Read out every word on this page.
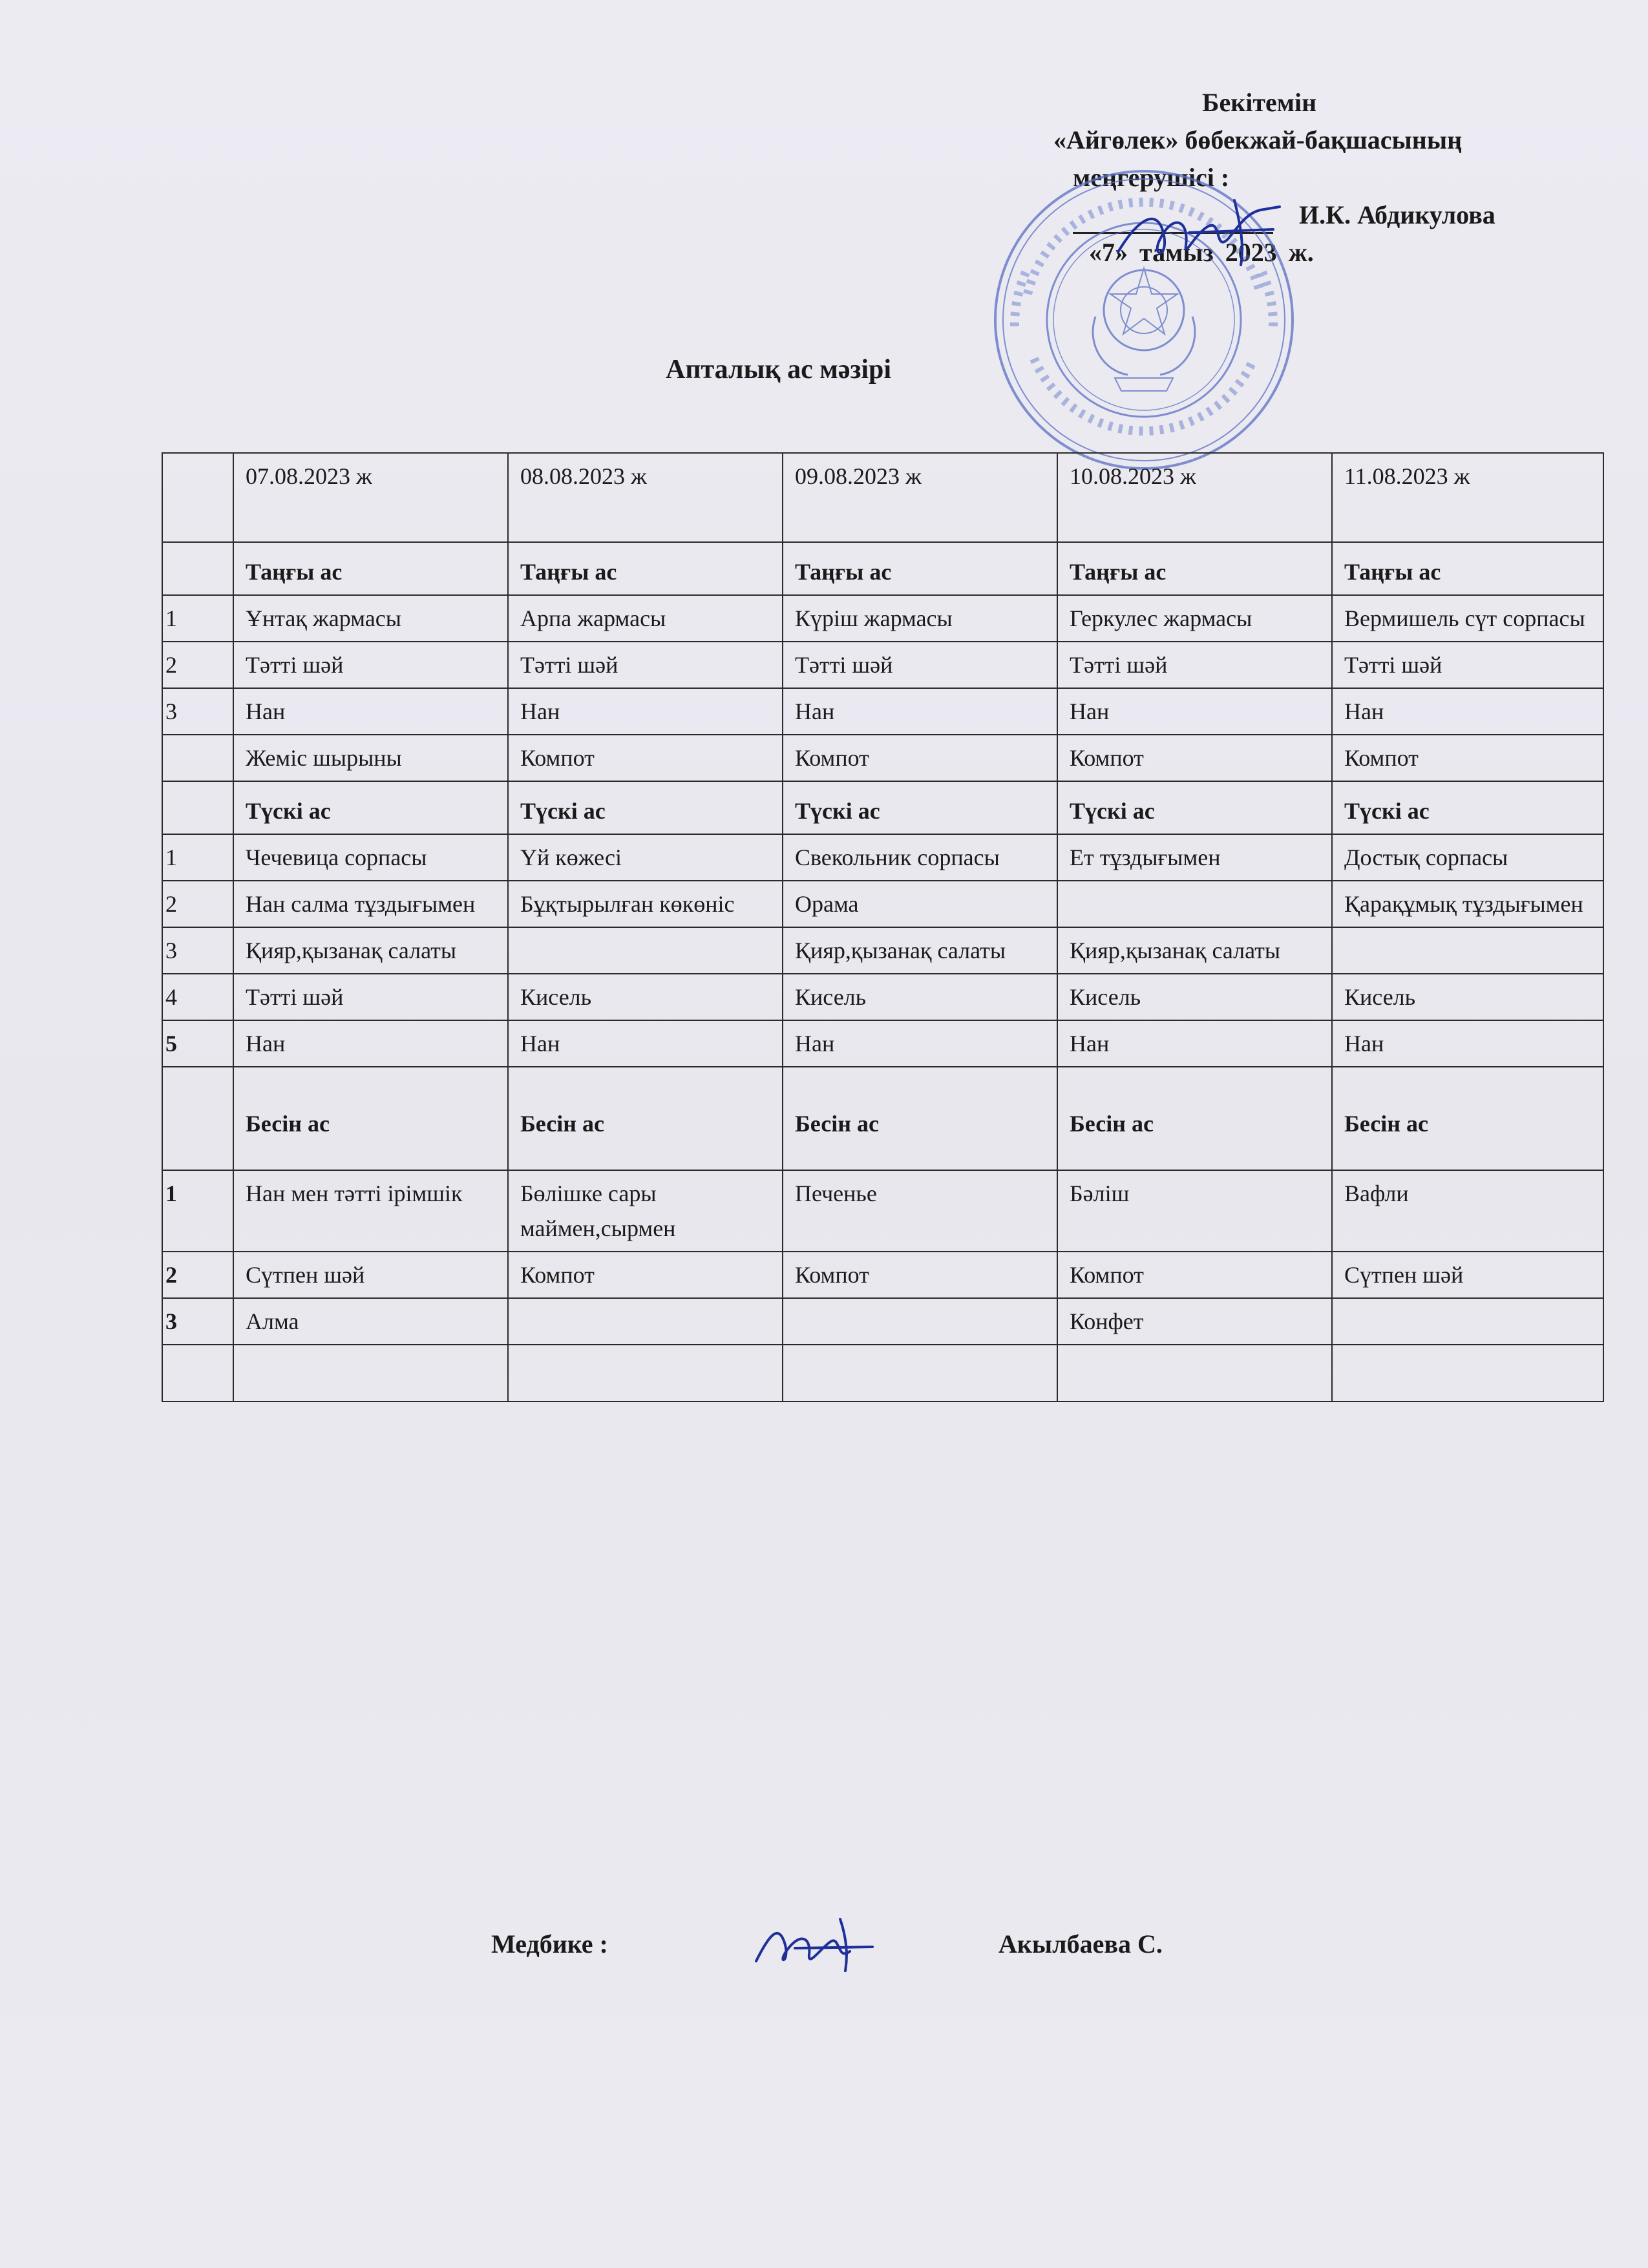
Бекітемін
«Айгөлек» бөбекжай-бақшасының
меңгерушісі :
И.К. Абдикулова
«7» тамыз 2023 ж.
Апталық ас мәзірі
	07.08.2023 ж	08.08.2023 ж	09.08.2023 ж	10.08.2023 ж	11.08.2023 ж
	Таңғы ас	Таңғы ас	Таңғы ас	Таңғы ас	Таңғы ас
1	Ұнтақ жармасы	Арпа жармасы	Күріш жармасы	Геркулес жармасы	Вермишель сүт сорпасы
2	Тәтті шәй	Тәтті шәй	Тәтті шәй	Тәтті шәй	Тәтті шәй
3	Нан	Нан	Нан	Нан	Нан
	Жеміс шырыны	Компот	Компот	Компот	Компот
	Түскі ас	Түскі ас	Түскі ас	Түскі ас	Түскі ас
1	Чечевица сорпасы	Үй көжесі	Свекольник сорпасы	Ет тұздығымен	Достық сорпасы
2	Нан салма тұздығымен	Бұқтырылған көкөніс	Орама		Қарақұмық тұздығымен
3	Қияр,қызанақ салаты		Қияр,қызанақ салаты	Қияр,қызанақ салаты	
4	Тәтті шәй	Кисель	Кисель	Кисель	Кисель
5	Нан	Нан	Нан	Нан	Нан
	Бесін ас	Бесін ас	Бесін ас	Бесін ас	Бесін ас
1	Нан мен тәтті ірімшік	Бөлішке сары маймен,сырмен	Печенье	Бәліш	Вафли
2	Сүтпен шәй	Компот	Компот	Компот	Сүтпен шәй
3	Алма			Конфет	

Медбике :	Акылбаева С.
